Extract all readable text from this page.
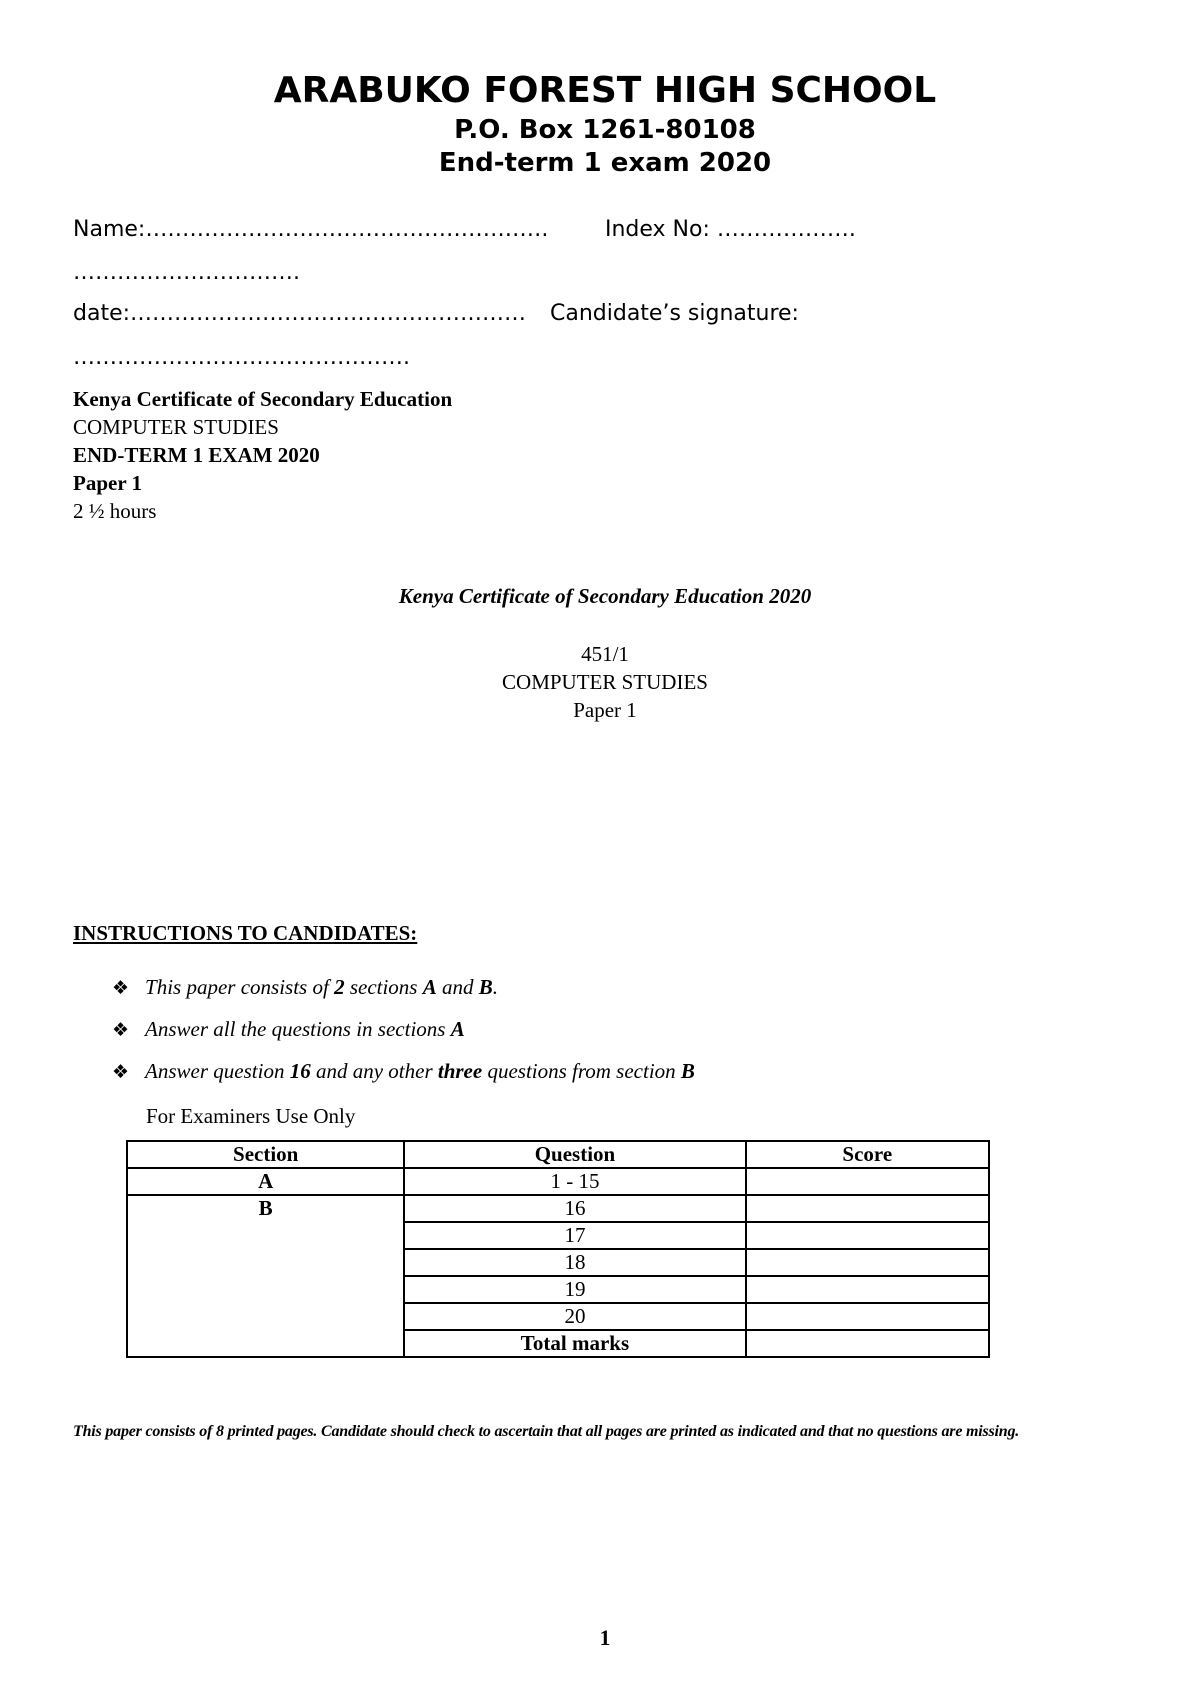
ARABUKO FOREST HIGH SCHOOL
P.O. Box 1261-80108
End-term 1 exam 2020
Name:……………………………………………….	Index No: ……………….
………………………….
date:……………………………………………… Candidate’s signature:
……………………………………….
Kenya Certificate of Secondary Education
COMPUTER STUDIES
END-TERM 1 EXAM 2020
Paper 1
2 ½ hours
Kenya Certificate of Secondary Education 2020
451/1
COMPUTER STUDIES
Paper 1
INSTRUCTIONS TO CANDIDATES:
❖ This paper consists of 2 sections A and B.
❖ Answer all the questions in sections A
❖ Answer question 16 and any other three questions from section B
For Examiners Use Only
Section	Question	Score
A	1 - 15	
B	16	
	17	
	18	
	19	
	20	
	Total marks	
This paper consists of 8 printed pages. Candidate should check to ascertain that all pages are printed as indicated and that no questions are missing.
1
